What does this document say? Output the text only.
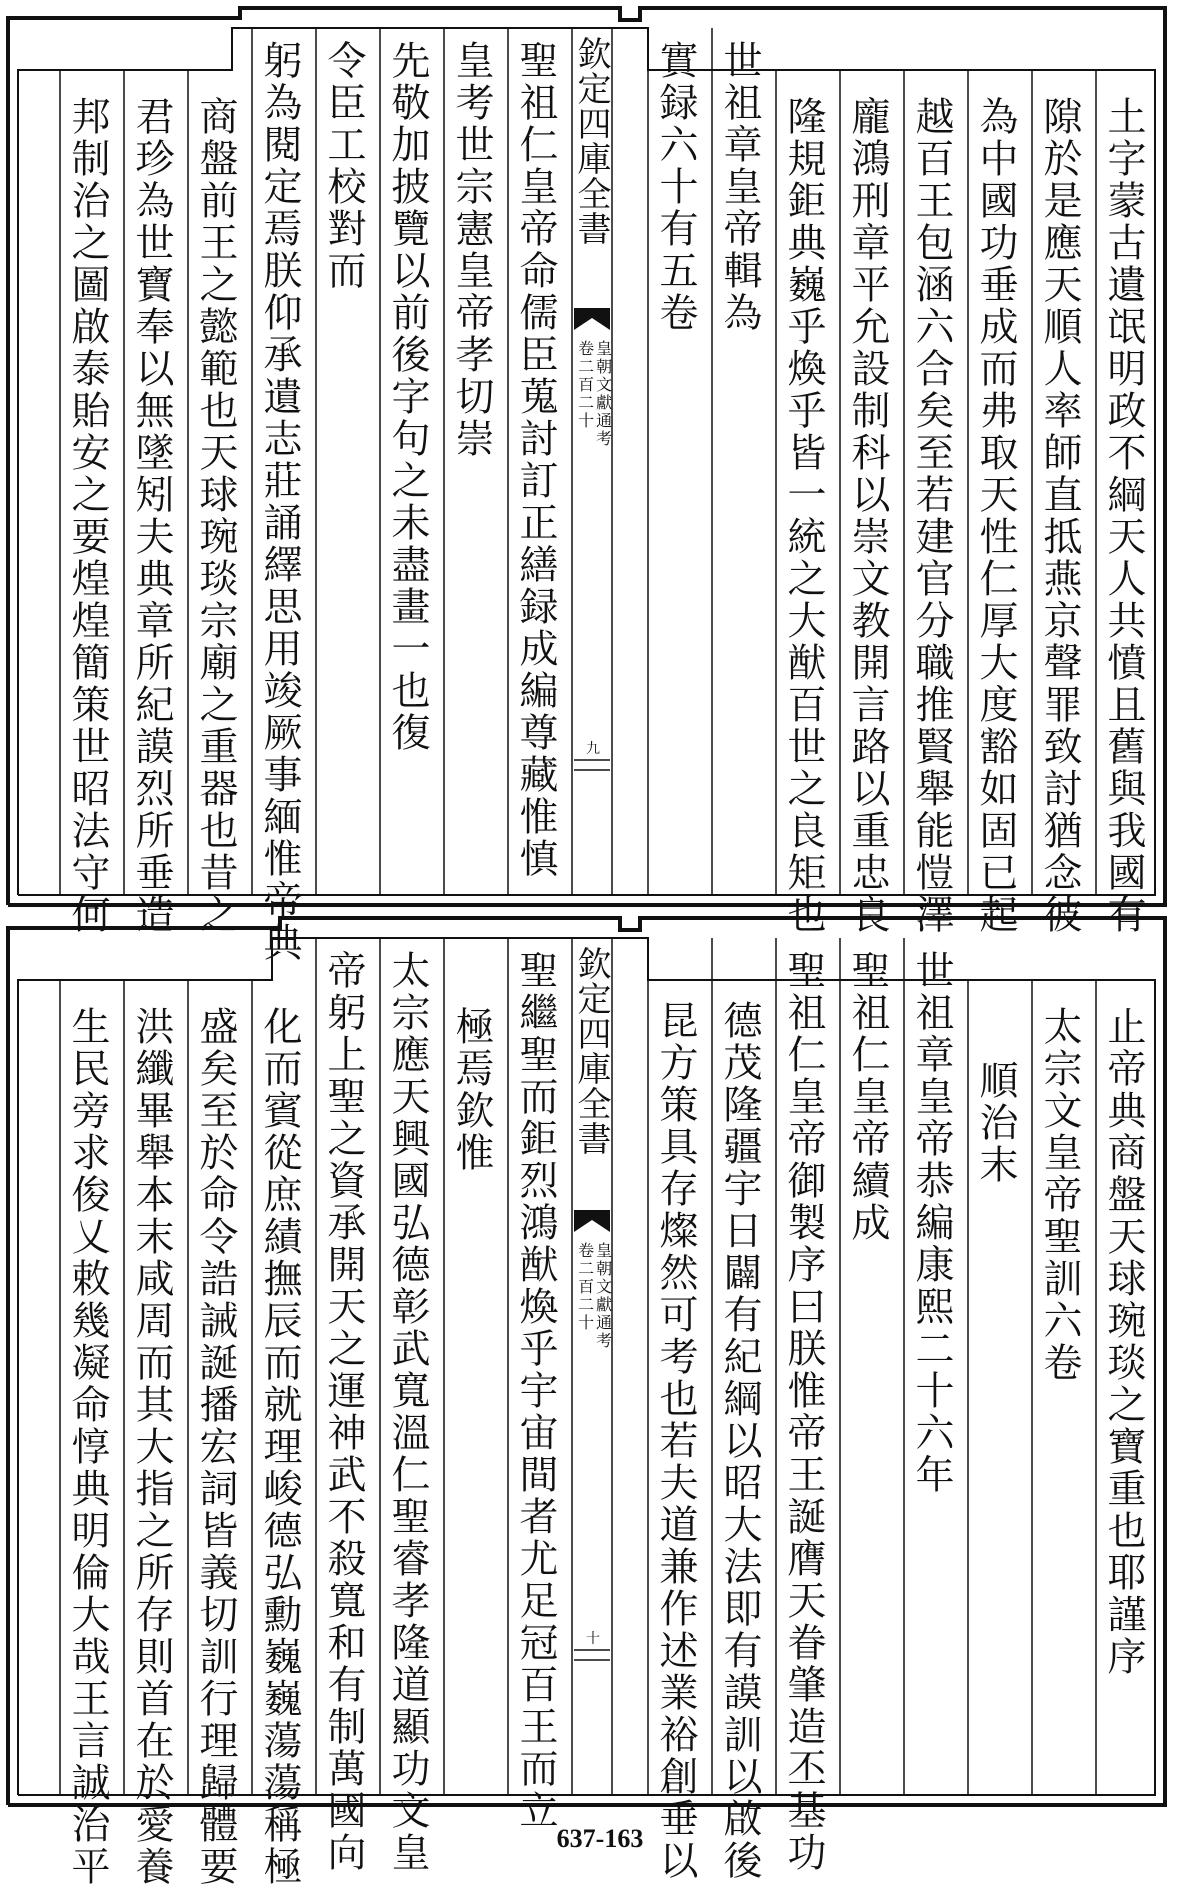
欽定四庫全書
皇朝文獻通考
卷二百二十
九	土字蒙古遺氓明政不綱天人共憤且舊與我國有
隙於是應天順人率師直抵燕京聲罪致討猶念彼
為中國功垂成而弗取天性仁厚大度豁如固已起
越百王包涵六合矣至若建官分職推賢舉能愷澤
龐鴻刑章平允設制科以崇文教開言路以重忠良
隆規鉅典巍乎煥乎皆一統之大猷百世之良矩也
世祖章皇帝輯為
實録六十有五卷
聖祖仁皇帝命儒臣蒐討訂正繕録成編尊藏惟慎
皇考世宗憲皇帝孝切崇
先敬加披覽以前後字句之未盡畫一也復
令臣工校對而
躬為閱定焉朕仰承遺志莊誦繹思用竣厥事緬惟帝典
商盤前王之懿範也天球琬琰宗廟之重器也昔之
君珍為世寶奉以無墜矧夫典章所紀謨烈所垂造
邦制治之圖啟泰貽安之要煌煌簡策世昭法守何
欽定四庫全書
皇朝文獻通考
卷二百二十
十	止帝典商盤天球琬琰之寶重也耶謹序
太宗文皇帝聖訓六卷
順治末
世祖章皇帝恭編康熙二十六年
聖祖仁皇帝續成
聖祖仁皇帝御製序曰朕惟帝王誕膺天眷肇造丕基功
德茂隆疆宇日闢有紀綱以昭大法即有謨訓以啟後
昆方策具存燦然可考也若夫道兼作述業裕創垂以
聖繼聖而鉅烈鴻猷煥乎宇宙間者尤足冠百王而立
極焉欽惟
太宗應天興國弘德彰武寬溫仁聖睿孝隆道顯功文皇
帝躬上聖之資承開天之運神武不殺寬和有制萬國向
化而賓從庶績撫辰而就理峻德弘勳巍巍蕩蕩稱極
盛矣至於命令誥誡誕播宏詞皆義切訓行理歸體要
洪纖畢舉本末咸周而其大指之所存則首在於愛養
生民旁求俊乂敕幾凝命惇典明倫大哉王言誠治平	637-163
